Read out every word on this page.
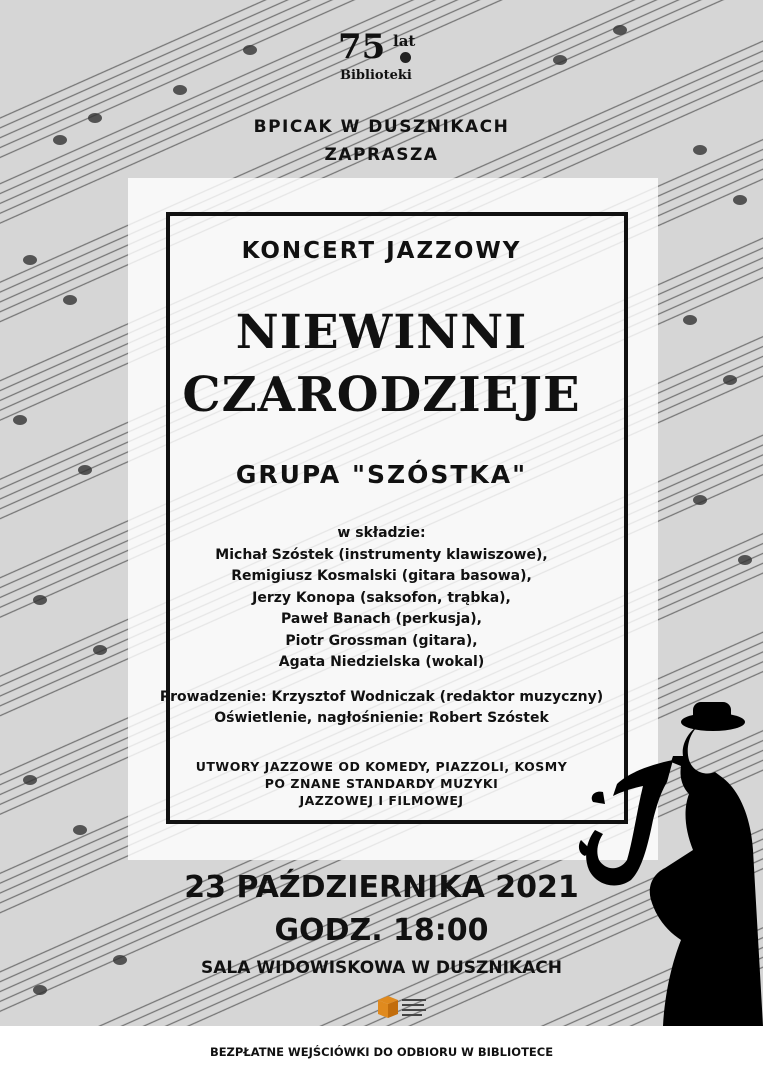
75 lat
Biblioteki
BPICAK W DUSZNIKACH
ZAPRASZA
KONCERT JAZZOWY
NIEWINNI
CZARODZIEJE
GRUPA "SZÓSTKA"
w składzie:
Michał Szóstek (instrumenty klawiszowe),
Remigiusz Kosmalski (gitara basowa),
Jerzy Konopa (saksofon, trąbka),
Paweł Banach (perkusja),
Piotr Grossman (gitara),
Agata Niedzielska (wokal)
Prowadzenie: Krzysztof Wodniczak (redaktor muzyczny)
Oświetlenie, nagłośnienie: Robert Szóstek
UTWORY JAZZOWE OD KOMEDY, PIAZZOLI, KOSMY
PO ZNANE STANDARDY MUZYKI
JAZZOWEJ I FILMOWEJ
23 PAŹDZIERNIKA 2021
GODZ. 18:00
SALA WIDOWISKOWA W DUSZNIKACH
BEZPŁATNE WEJŚCIÓWKI DO ODBIORU W BIBLIOTECE
